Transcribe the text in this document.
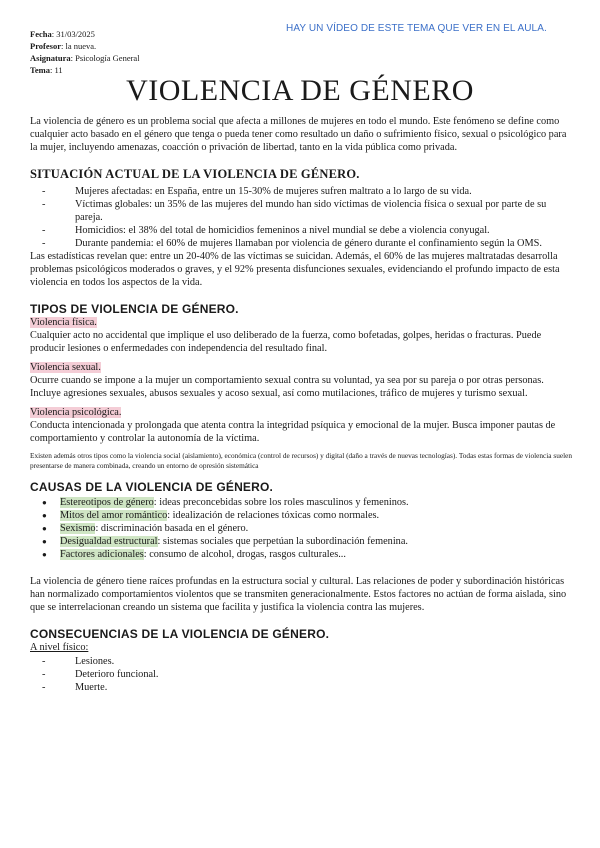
Fecha: 31/03/2025
Profesor: la nueva.
Asignatura: Psicología General
Tema: 11
HAY UN VÍDEO DE ESTE TEMA QUE VER EN EL AULA.
VIOLENCIA DE GÉNERO

La violencia de género es un problema social que afecta a millones de mujeres en todo el mundo. Este fenómeno se define como cualquier acto basado en el género que tenga o pueda tener como resultado un daño o sufrimiento físico, sexual o psicológico para la mujer, incluyendo amenazas, coacción o privación de libertad, tanto en la vida pública como privada.

SITUACIÓN ACTUAL DE LA VIOLENCIA DE GÉNERO.
- Mujeres afectadas: en España, entre un 15-30% de mujeres sufren maltrato a lo largo de su vida.
- Víctimas globales: un 35% de las mujeres del mundo han sido víctimas de violencia física o sexual por parte de su pareja.
- Homicidios: el 38% del total de homicidios femeninos a nivel mundial se debe a violencia conyugal.
- Durante pandemia: el 60% de mujeres llamaban por violencia de género durante el confinamiento según la OMS.

Las estadísticas revelan que: entre un 20-40% de las víctimas se suicidan. Además, el 60% de las mujeres maltratadas desarrolla problemas psicológicos moderados o graves, y el 92% presenta disfunciones sexuales, evidenciando el profundo impacto de esta violencia en todos los aspectos de la vida.

TIPOS DE VIOLENCIA DE GÉNERO.

Violencia física.

Cualquier acto no accidental que implique el uso deliberado de la fuerza, como bofetadas, golpes, heridas o fracturas. Puede producir lesiones o enfermedades con independencia del resultado final.

Violencia sexual.

Ocurre cuando se impone a la mujer un comportamiento sexual contra su voluntad, ya sea por su pareja o por otras personas. Incluye agresiones sexuales, abusos sexuales y acoso sexual, así como mutilaciones, tráfico de mujeres y turismo sexual.

Violencia psicológica.

Conducta intencionada y prolongada que atenta contra la integridad psíquica y emocional de la mujer. Busca imponer pautas de comportamiento y controlar la autonomía de la víctima.

Existen además otros tipos como la violencia social (aislamiento), económica (control de recursos) y digital (daño a través de nuevas tecnologías). Todas estas formas de violencia suelen presentarse de manera combinada, creando un entorno de opresión sistemática

CAUSAS DE LA VIOLENCIA DE GÉNERO.
● Estereotipos de género: ideas preconcebidas sobre los roles masculinos y femeninos.
● Mitos del amor romántico: idealización de relaciones tóxicas como normales.
● Sexismo: discriminación basada en el género.
● Desigualdad estructural: sistemas sociales que perpetúan la subordinación femenina.
● Factores adicionales: consumo de alcohol, drogas, rasgos culturales...

La violencia de género tiene raíces profundas en la estructura social y cultural. Las relaciones de poder y subordinación históricas han normalizado comportamientos violentos que se transmiten generacionalmente. Estos factores no actúan de forma aislada, sino que se interrelacionan creando un sistema que facilita y justifica la violencia contra las mujeres.

CONSECUENCIAS DE LA VIOLENCIA DE GÉNERO.

A nivel físico:

- Lesiones.
- Deterioro funcional.
- Muerte.
